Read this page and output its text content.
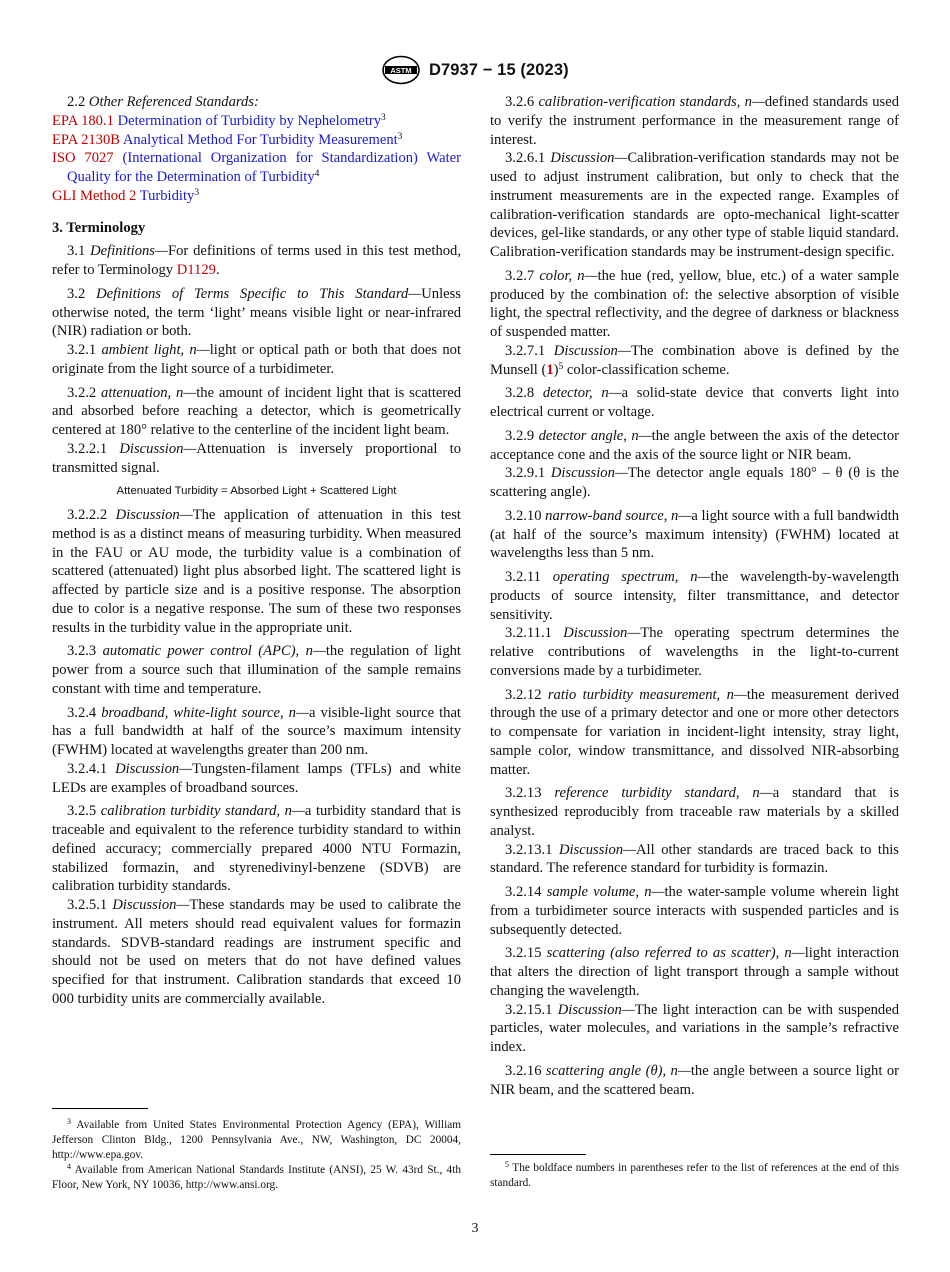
ASTM D7937 − 15 (2023)

2.2 Other Referenced Standards:

EPA 180.1 Determination of Turbidity by Nephelometry$^3$

EPA 2130B Analytical Method For Turbidity Measurement$^3$

ISO 7027 (International Organization for Standardization) Water Quality for the Determination of Turbidity$^4$

GLI Method 2 Turbidity$^3$

3. Terminology

3.1 Definitions—For definitions of terms used in this test method, refer to Terminology D1129.

3.2 Definitions of Terms Specific to This Standard—Unless otherwise noted, the term ‘light’ means visible light or near-infrared (NIR) radiation or both.

3.2.1 ambient light, n—light or optical path or both that does not originate from the light source of a turbidimeter.

3.2.2 attenuation, n—the amount of incident light that is scattered and absorbed before reaching a detector, which is geometrically centered at 180° relative to the centerline of the incident light beam.

3.2.2.1 Discussion—Attenuation is inversely proportional to transmitted signal.

Attenuated Turbidity = Absorbed Light + Scattered Light

3.2.2.2 Discussion—The application of attenuation in this test method is as a distinct means of measuring turbidity. When measured in the FAU or AU mode, the turbidity value is a combination of scattered (attenuated) light plus absorbed light. The scattered light is affected by particle size and is a positive response. The absorption due to color is a negative response. The sum of these two responses results in the turbidity value in the appropriate unit.

3.2.3 automatic power control (APC), n—the regulation of light power from a source such that illumination of the sample remains constant with time and temperature.

3.2.4 broadband, white-light source, n—a visible-light source that has a full bandwidth at half of the source’s maximum intensity (FWHM) located at wavelengths greater than 200 nm.

3.2.4.1 Discussion—Tungsten-filament lamps (TFLs) and white LEDs are examples of broadband sources.

3.2.5 calibration turbidity standard, n—a turbidity standard that is traceable and equivalent to the reference turbidity standard to within defined accuracy; commercially prepared 4000 NTU Formazin, stabilized formazin, and styrenedivinyl-benzene (SDVB) are calibration turbidity standards.

3.2.5.1 Discussion—These standards may be used to calibrate the instrument. All meters should read equivalent values for formazin standards. SDVB-standard readings are instrument specific and should not be used on meters that do not have defined values specified for that instrument. Calibration standards that exceed 10 000 turbidity units are commercially available.

3.2.6 calibration-verification standards, n—defined standards used to verify the instrument performance in the measurement range of interest.

3.2.6.1 Discussion—Calibration-verification standards may not be used to adjust instrument calibration, but only to check that the instrument measurements are in the expected range. Examples of calibration-verification standards are opto-mechanical light-scatter devices, gel-like standards, or any other type of stable liquid standard. Calibration-verification standards may be instrument-design specific.

3.2.7 color, n—the hue (red, yellow, blue, etc.) of a water sample produced by the combination of: the selective absorption of visible light, the spectral reflectivity, and the degree of darkness or blackness of suspended matter.

3.2.7.1 Discussion—The combination above is defined by the Munsell $(1)^5$ color-classification scheme.

3.2.8 detector, n—a solid-state device that converts light into electrical current or voltage.

3.2.9 detector angle, n—the angle between the axis of the detector acceptance cone and the axis of the source light or NIR beam.

3.2.9.1 Discussion—The detector angle equals 180° – θ (θ is the scattering angle).

3.2.10 narrow-band source, n—a light source with a full bandwidth (at half of the source’s maximum intensity) (FWHM) located at wavelengths less than 5 nm.

3.2.11 operating spectrum, n—the wavelength-by-wavelength products of source intensity, filter transmittance, and detector sensitivity.

3.2.11.1 Discussion—The operating spectrum determines the relative contributions of wavelengths in the light-to-current conversions made by a turbidimeter.

3.2.12 ratio turbidity measurement, n—the measurement derived through the use of a primary detector and one or more other detectors to compensate for variation in incident-light intensity, stray light, sample color, window transmittance, and dissolved NIR-absorbing matter.

3.2.13 reference turbidity standard, n—a standard that is synthesized reproducibly from traceable raw materials by a skilled analyst.

3.2.13.1 Discussion—All other standards are traced back to this standard. The reference standard for turbidity is formazin.

3.2.14 sample volume, n—the water-sample volume wherein light from a turbidimeter source interacts with suspended particles and is subsequently detected.

3.2.15 scattering (also referred to as scatter), n—light interaction that alters the direction of light transport through a sample without changing the wavelength.

3.2.15.1 Discussion—The light interaction can be with suspended particles, water molecules, and variations in the sample’s refractive index.

3.2.16 scattering angle (θ), n—the angle between a source light or NIR beam, and the scattered beam.

$^3$ Available from United States Environmental Protection Agency (EPA), William Jefferson Clinton Bldg., 1200 Pennsylvania Ave., NW, Washington, DC 20004, http://www.epa.gov.

$^4$ Available from American National Standards Institute (ANSI), 25 W. 43rd St., 4th Floor, New York, NY 10036, http://www.ansi.org.

$^5$ The boldface numbers in parentheses refer to the list of references at the end of this standard.

3
